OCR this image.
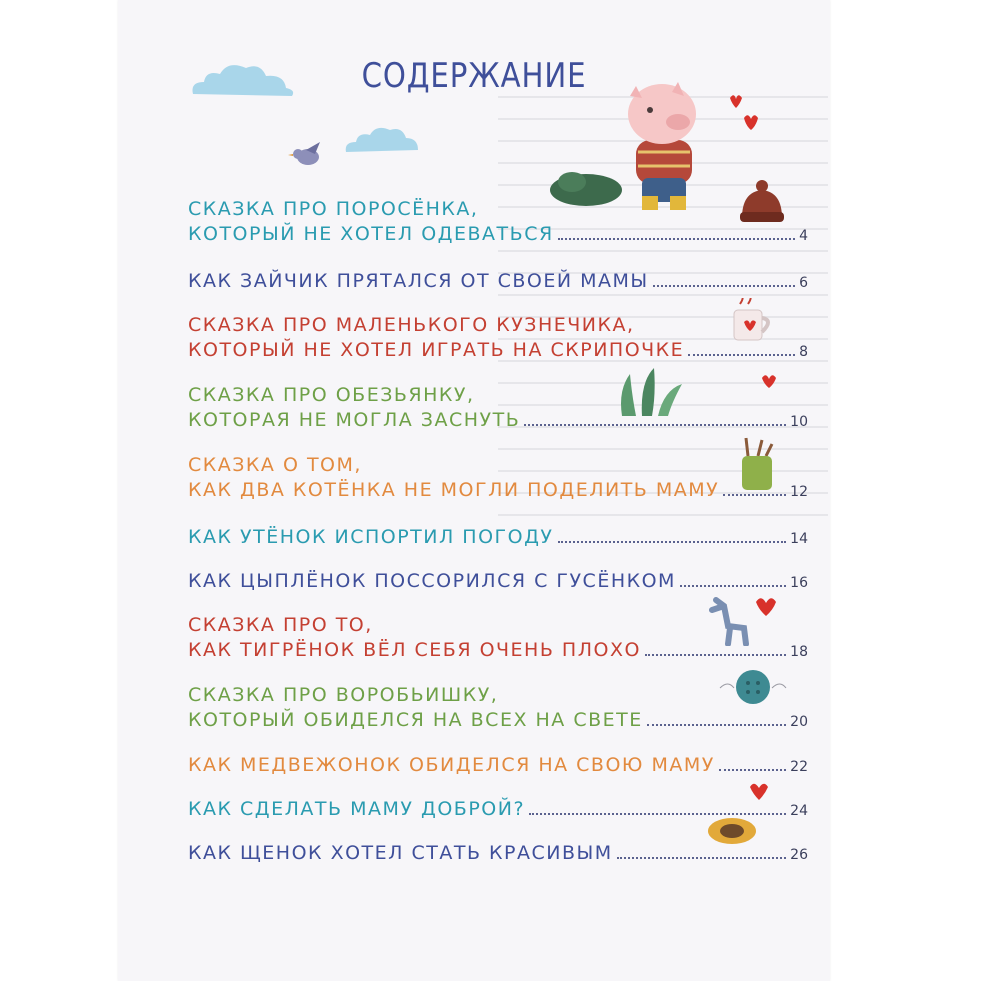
СОДЕРЖАНИЕ
СКАЗКА ПРО ПОРОСЁНКА,
КОТОРЫЙ НЕ ХОТЕЛ ОДЕВАТЬСЯ	4
КАК ЗАЙЧИК ПРЯТАЛСЯ ОТ СВОЕЙ МАМЫ	6
СКАЗКА ПРО МАЛЕНЬКОГО КУЗНЕЧИКА,
КОТОРЫЙ НЕ ХОТЕЛ ИГРАТЬ НА СКРИПОЧКЕ	8
СКАЗКА ПРО ОБЕЗЬЯНКУ,
КОТОРАЯ НЕ МОГЛА ЗАСНУТЬ	10
СКАЗКА О ТОМ,
КАК ДВА КОТЁНКА НЕ МОГЛИ ПОДЕЛИТЬ МАМУ	12
КАК УТЁНОК ИСПОРТИЛ ПОГОДУ	14
КАК ЦЫПЛЁНОК ПОССОРИЛСЯ С ГУСЁНКОМ	16
СКАЗКА ПРО ТО,
КАК ТИГРЁНОК ВЁЛ СЕБЯ ОЧЕНЬ ПЛОХО	18
СКАЗКА ПРО ВОРОБЬИШКУ,
КОТОРЫЙ ОБИДЕЛСЯ НА ВСЕХ НА СВЕТЕ	20
КАК МЕДВЕЖОНОК ОБИДЕЛСЯ НА СВОЮ МАМУ	22
КАК СДЕЛАТЬ МАМУ ДОБРОЙ?	24
КАК ЩЕНОК ХОТЕЛ СТАТЬ КРАСИВЫМ	26
